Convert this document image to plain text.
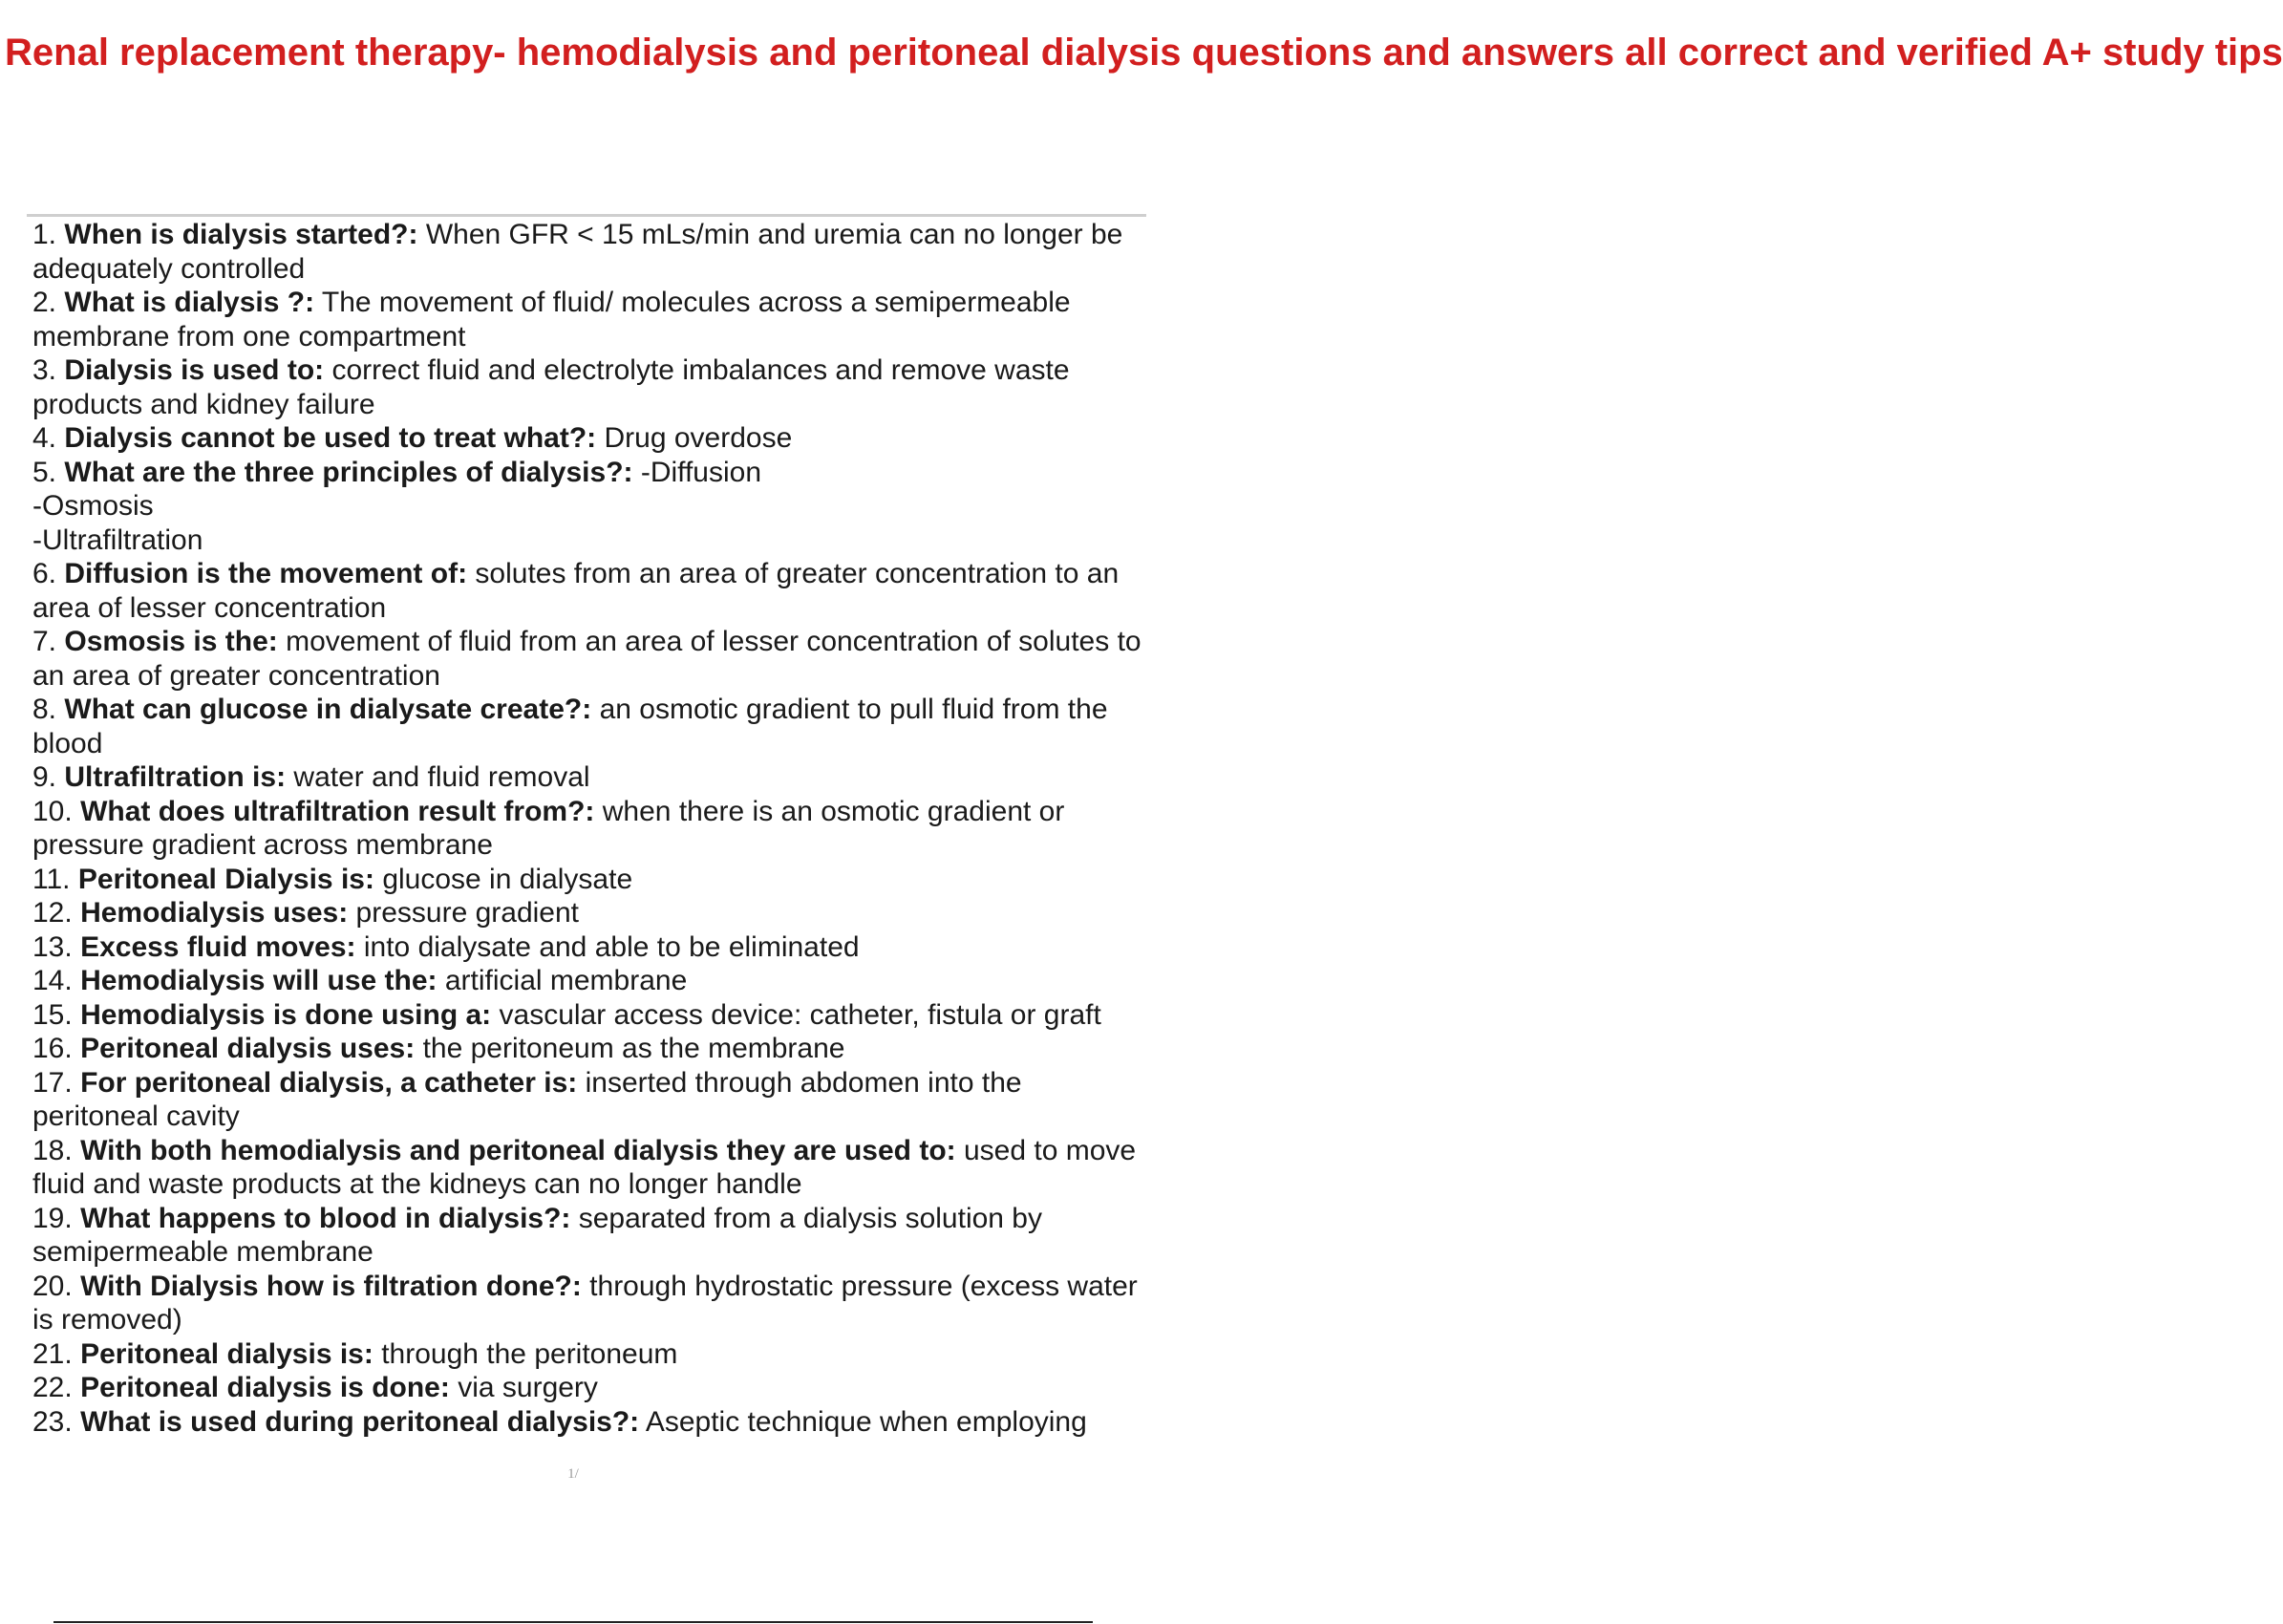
Renal replacement therapy- hemodialysis and peritoneal dialysis questions and answers all correct and verified A+ study tips
1. When is dialysis started?: When GFR < 15 mLs/min and uremia can no longer be adequately controlled
2. What is dialysis ?: The movement of fluid/ molecules across a semipermeable membrane from one compartment
3. Dialysis is used to: correct fluid and electrolyte imbalances and remove waste products and kidney failure
4. Dialysis cannot be used to treat what?: Drug overdose
5. What are the three principles of dialysis?: -Diffusion
-Osmosis
-Ultrafiltration
6. Diffusion is the movement of: solutes from an area of greater concentration to an area of lesser concentration
7. Osmosis is the: movement of fluid from an area of lesser concentration of solutes to an area of greater concentration
8. What can glucose in dialysate create?: an osmotic gradient to pull fluid from the blood
9. Ultrafiltration is: water and fluid removal
10. What does ultrafiltration result from?: when there is an osmotic gradient or pressure gradient across membrane
11. Peritoneal Dialysis is: glucose in dialysate
12. Hemodialysis uses: pressure gradient
13. Excess fluid moves: into dialysate and able to be eliminated
14. Hemodialysis will use the: artificial membrane
15. Hemodialysis is done using a: vascular access device: catheter, fistula or graft
16. Peritoneal dialysis uses: the peritoneum as the membrane
17. For peritoneal dialysis, a catheter is: inserted through abdomen into the peritoneal cavity
18. With both hemodialysis and peritoneal dialysis they are used to: used to move fluid and waste products at the kidneys can no longer handle
19. What happens to blood in dialysis?: separated from a dialysis solution by semipermeable membrane
20. With Dialysis how is filtration done?: through hydrostatic pressure (excess water is removed)
21. Peritoneal dialysis is: through the peritoneum
22. Peritoneal dialysis is done: via surgery
23. What is used during peritoneal dialysis?: Aseptic technique when employing
1/
